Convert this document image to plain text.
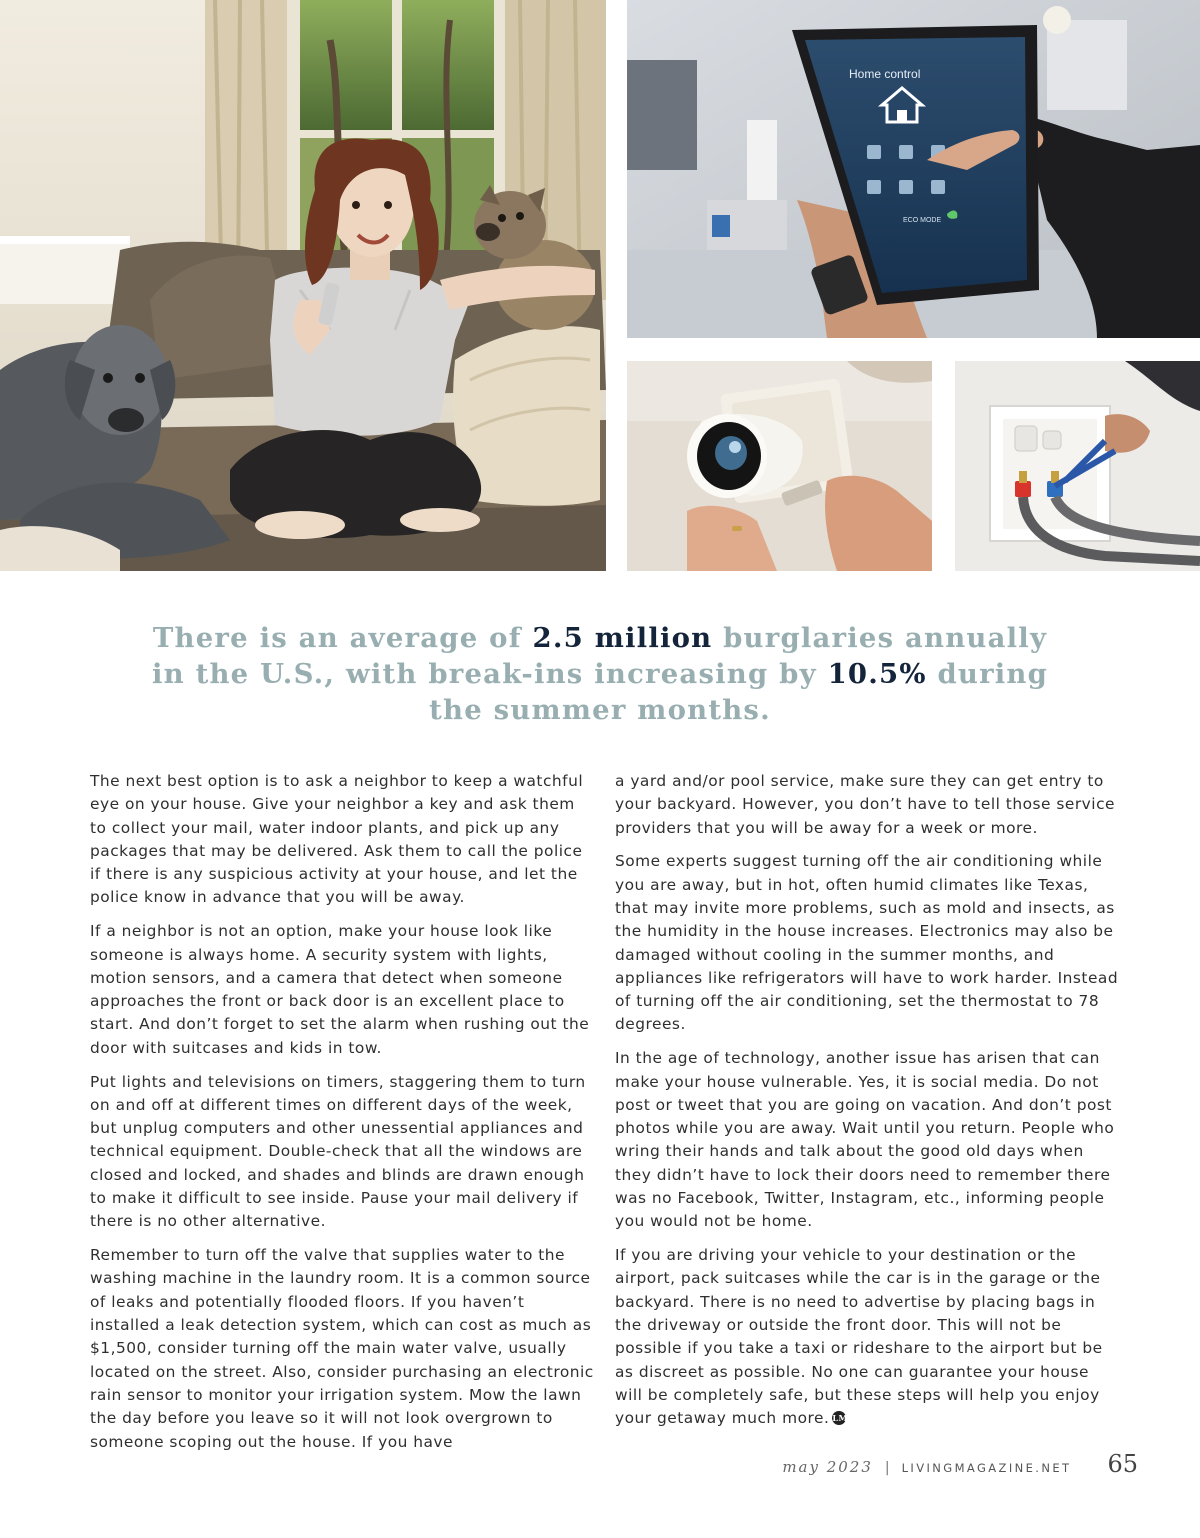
Home control
ECO MODE
There is an average of 2.5 million burglaries annually in the U.S., with break-ins increasing by 10.5% during the summer months.

The next best option is to ask a neighbor to keep a watchful eye on your house. Give your neighbor a key and ask them to collect your mail, water indoor plants, and pick up any packages that may be delivered. Ask them to call the police if there is any suspicious activity at your house, and let the police know in advance that you will be away.

If a neighbor is not an option, make your house look like someone is always home. A security system with lights, motion sensors, and a camera that detect when someone approaches the front or back door is an excellent place to start. And don’t forget to set the alarm when rushing out the door with suitcases and kids in tow.

Put lights and televisions on timers, staggering them to turn on and off at different times on different days of the week, but unplug computers and other unessential appliances and technical equipment. Double-check that all the windows are closed and locked, and shades and blinds are drawn enough to make it difficult to see inside. Pause your mail delivery if there is no other alternative.

Remember to turn off the valve that supplies water to the washing machine in the laundry room. It is a common source of leaks and potentially flooded floors. If you haven’t installed a leak detection system, which can cost as much as $1,500, consider turning off the main water valve, usually located on the street. Also, consider purchasing an electronic rain sensor to monitor your irrigation system. Mow the lawn the day before you leave so it will not look overgrown to someone scoping out the house. If you have

a yard and/or pool service, make sure they can get entry to your backyard. However, you don’t have to tell those service providers that you will be away for a week or more.

Some experts suggest turning off the air conditioning while you are away, but in hot, often humid climates like Texas, that may invite more problems, such as mold and insects, as the humidity in the house increases. Electronics may also be damaged without cooling in the summer months, and appliances like refrigerators will have to work harder. Instead of turning off the air conditioning, set the thermostat to 78 degrees.

In the age of technology, another issue has arisen that can make your house vulnerable. Yes, it is social media. Do not post or tweet that you are going on vacation. And don’t post photos while you are away. Wait until you return. People who wring their hands and talk about the good old days when they didn’t have to lock their doors need to remember there was no Facebook, Twitter, Instagram, etc., informing people you would not be home.

If you are driving your vehicle to your destination or the airport, pack suitcases while the car is in the garage or the backyard. There is no need to advertise by placing bags in the driveway or outside the front door. This will not be possible if you take a taxi or rideshare to the airport but be as discreet as possible. No one can guarantee your house will be completely safe, but these steps will help you enjoy your getaway much more. LM

may 2023 | LIVINGMAGAZINE.NET 65
